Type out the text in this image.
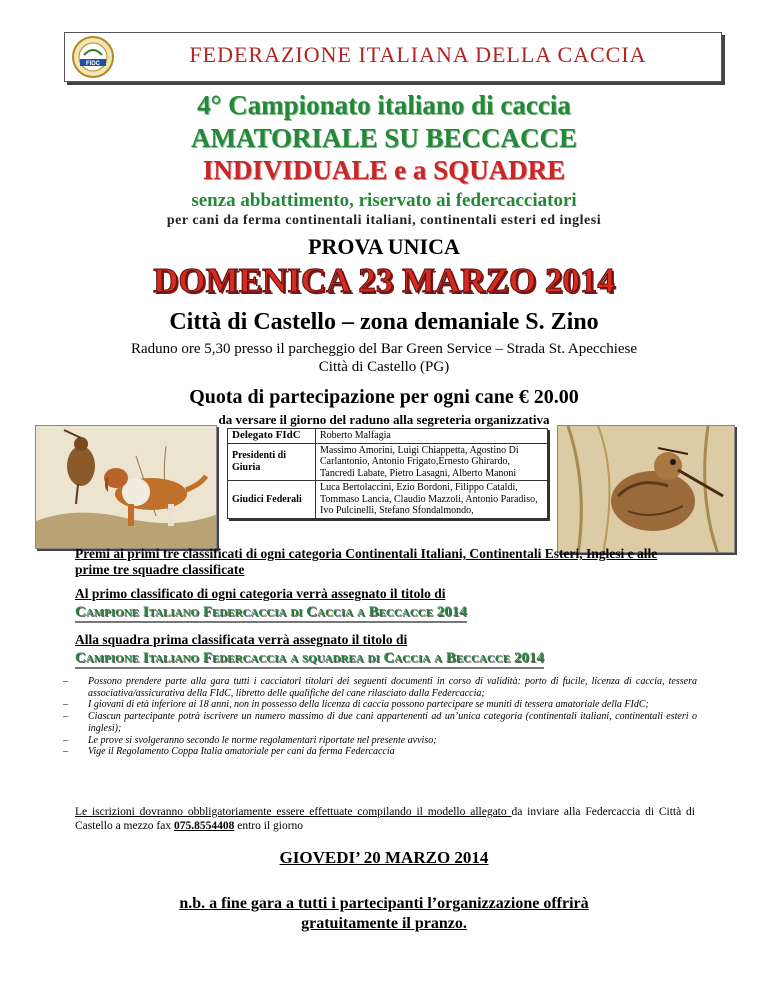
FIDC	FEDERAZIONE ITALIANA DELLA CACCIA
4° Campionato italiano di caccia
AMATORIALE SU BECCACCE
INDIVIDUALE e a SQUADRE
senza abbattimento, riservato ai federcacciatori
per cani da ferma continentali italiani, continentali esteri ed inglesi
PROVA UNICA
DOMENICA 23 MARZO 2014
Città di Castello – zona demaniale S. Zino
Raduno ore 5,30 presso il parcheggio del Bar Green Service – Strada St. Apecchiese
Città di Castello (PG)
Quota di partecipazione per ogni cane € 20.00
da versare il giorno del raduno alla segreteria organizzativa
Delegato FIdC	Roberto Malfagia
Presidenti di Giuria	Massimo Amorini, Luigi Chiappetta, Agostino Di Carlantonio, Antonio Frigato,Ernesto Ghirardo, Tancredi Labate, Pietro Lasagni, Alberto Manoni
Giudici Federali	Luca Bertolaccini, Ezio Bordoni, Filippo Cataldi, Tommaso Lancia, Claudio Mazzoli, Antonio Paradiso, Ivo Pulcinelli, Stefano Sfondalmondo,
Premi ai primi tre classificati di ogni categoria Continentali Italiani, Continentali Esteri, Inglesi e alle prime tre squadre classificate
Al primo classificato di ogni categoria verrà assegnato il titolo di
Campione Italiano Federcaccia di Caccia a Beccacce 2014
Alla squadra prima classificata verrà assegnato il titolo di
Campione Italiano Federcaccia a squadrea di Caccia a Beccacce 2014
– Possono prendere parte alla gara tutti i cacciatori titolari dei seguenti documenti in corso di validità: porto di fucile, licenza di caccia, tessera associativa/assicurativa della FIdC, libretto delle qualifiche del cane rilasciato dalla Federcaccia;
– I giovani di età inferiore ai 18 anni, non in possesso della licenza di caccia possono partecipare se muniti di tessera amatoriale della FIdC;
– Ciascun partecipante potrà iscrivere un numero massimo di due cani appartenenti ad un’unica categoria (continentali italiani, continentali esteri o inglesi);
– Le prove si svolgeranno secondo le norme regolamentari riportate nel presente avviso;
– Vige il Regolamento Coppa Italia amatoriale per cani da ferma Federcaccia
Le iscrizioni dovranno obbligatoriamente essere effettuate compilando il modello allegato da inviare alla Federcaccia di Città di Castello a mezzo fax 075.8554408 entro il giorno
GIOVEDI’ 20 MARZO 2014
n.b. a fine gara a tutti i partecipanti l’organizzazione offrirà
gratuitamente il pranzo.
